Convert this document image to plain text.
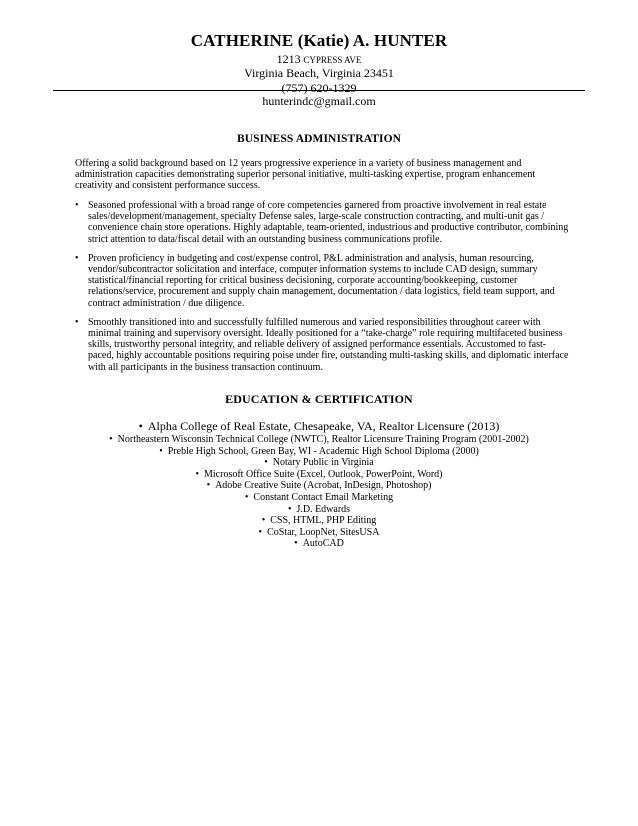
CATHERINE (Katie) A. HUNTER
1213 CYPRESS AVE
Virginia Beach, Virginia 23451
(757) 620-1329
hunterindc@gmail.com
BUSINESS ADMINISTRATION
Offering a solid background based on 12 years progressive experience in a variety of business management and administration capacities demonstrating superior personal initiative, multi-tasking expertise, program enhancement creativity and consistent performance success.
• Seasoned professional with a broad range of core competencies garnered from proactive involvement in real estate sales/development/management, specialty Defense sales, large-scale construction contracting, and multi-unit gas / convenience chain store operations. Highly adaptable, team-oriented, industrious and productive contributor, combining strict attention to data/fiscal detail with an outstanding business communications profile.
• Proven proficiency in budgeting and cost/expense control, P&L administration and analysis, human resourcing, vendor/subcontractor solicitation and interface, computer information systems to include CAD design, summary statistical/financial reporting for critical business decisioning, corporate accounting/bookkeeping, customer relations/service, procurement and supply chain management, documentation / data logistics, field team support, and contract administration / due diligence.
• Smoothly transitioned into and successfully fulfilled numerous and varied responsibilities throughout career with minimal training and supervisory oversight. Ideally positioned for a “take-charge” role requiring multifaceted business skills, trustworthy personal integrity, and reliable delivery of assigned performance essentials. Accustomed to fast-paced, highly accountable positions requiring poise under fire, outstanding multi-tasking skills, and diplomatic interface with all participants in the business transaction continuum.
EDUCATION & CERTIFICATION
• Alpha College of Real Estate, Chesapeake, VA, Realtor Licensure (2013)
• Northeastern Wisconsin Technical College (NWTC), Realtor Licensure Training Program (2001-2002)
• Preble High School, Green Bay, WI - Academic High School Diploma (2000)
• Notary Public in Virginia
• Microsoft Office Suite (Excel, Outlook, PowerPoint, Word)
• Adobe Creative Suite (Acrobat, InDesign, Photoshop)
• Constant Contact Email Marketing
• J.D. Edwards
• CSS, HTML, PHP Editing
• CoStar, LoopNet, SitesUSA
• AutoCAD
